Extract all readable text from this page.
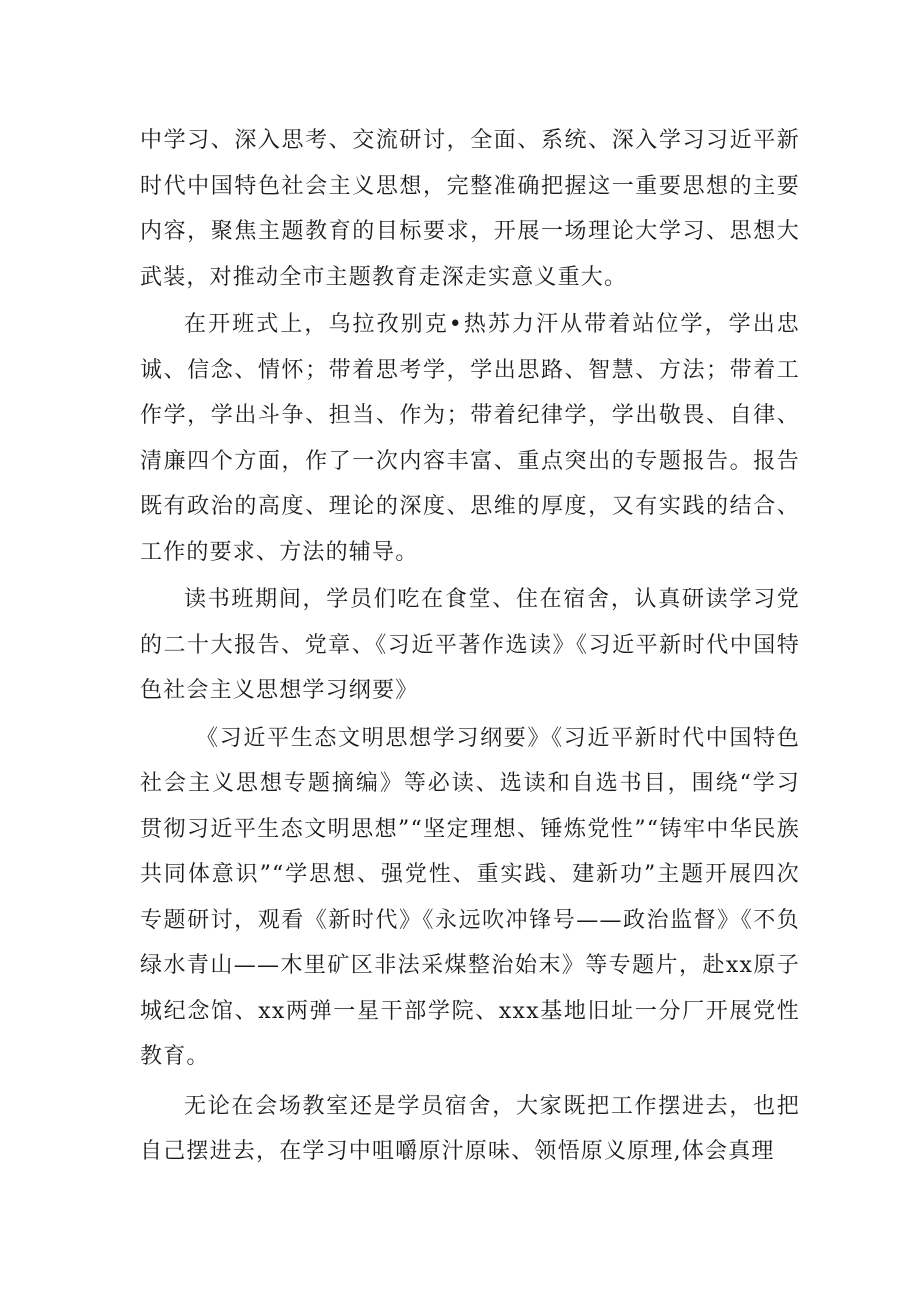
中学习、深入思考、交流研讨，全面、系统、深入学习习近平新时代中国特色社会主义思想，完整准确把握这一重要思想的主要内容，聚焦主题教育的目标要求，开展一场理论大学习、思想大武装，对推动全市主题教育走深走实意义重大。

在开班式上，乌拉孜别克•热苏力汗从带着站位学，学出忠诚、信念、情怀；带着思考学，学出思路、智慧、方法；带着工作学，学出斗争、担当、作为；带着纪律学，学出敬畏、自律、清廉四个方面，作了一次内容丰富、重点突出的专题报告。报告既有政治的高度、理论的深度、思维的厚度，又有实践的结合、工作的要求、方法的辅导。

读书班期间，学员们吃在食堂、住在宿舍，认真研读学习党的二十大报告、党章、《习近平著作选读》《习近平新时代中国特色社会主义思想学习纲要》

《习近平生态文明思想学习纲要》《习近平新时代中国特色社会主义思想专题摘编》等必读、选读和自选书目，围绕“学习贯彻习近平生态文明思想”“坚定理想、锤炼党性”“铸牢中华民族共同体意识”“学思想、强党性、重实践、建新功”主题开展四次专题研讨，观看《新时代》《永远吹冲锋号——政治监督》《不负绿水青山——木里矿区非法采煤整治始末》等专题片，赴xx原子城纪念馆、xx两弹一星干部学院、xxx基地旧址一分厂开展党性教育。

无论在会场教室还是学员宿舍，大家既把工作摆进去，也把自己摆进去，在学习中咀嚼原汁原味、领悟原义原理,体会真理
